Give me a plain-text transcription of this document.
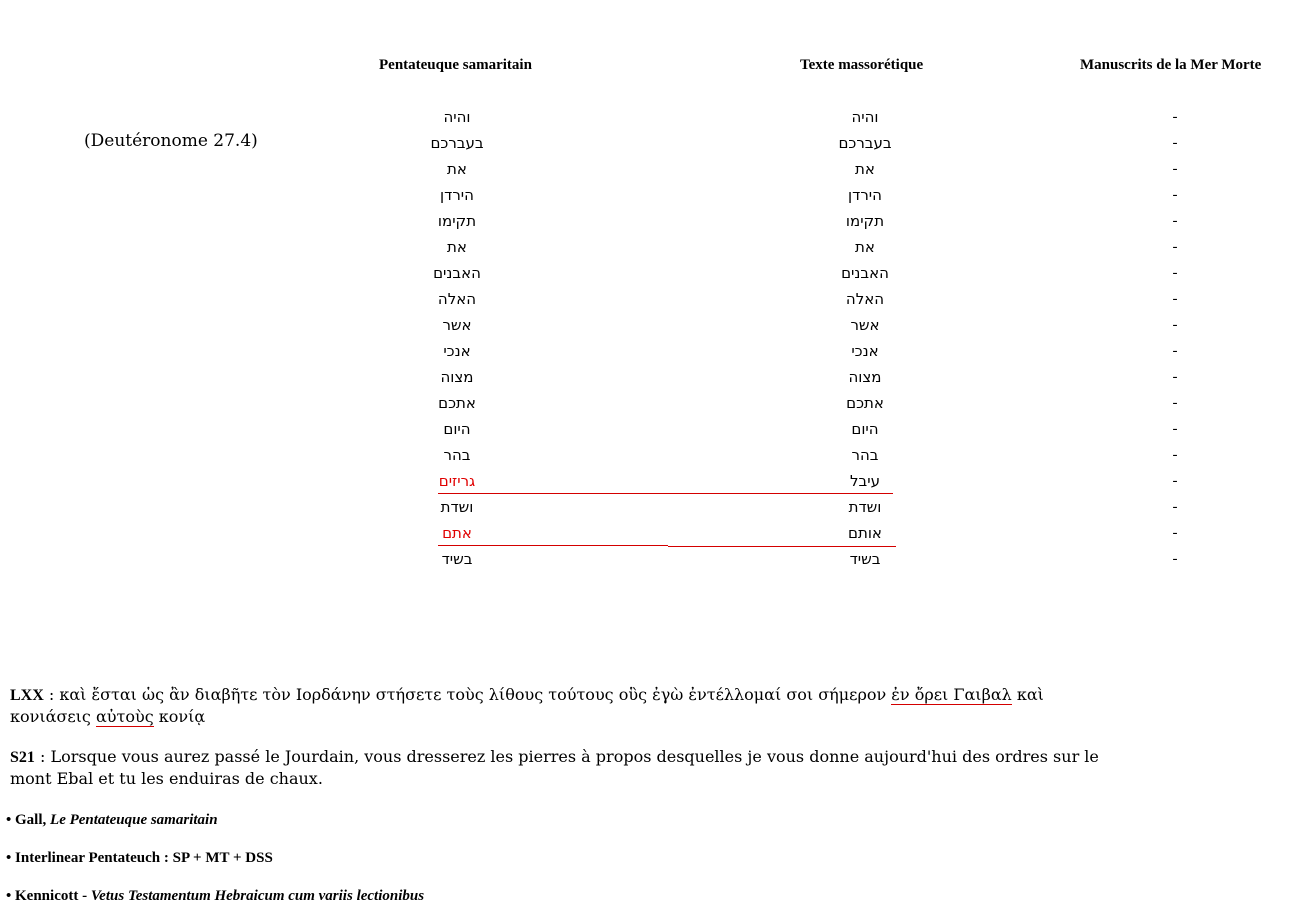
Pentateuque samaritain	Texte massorétique	Manuscrits de la Mer Morte
(Deutéronome 27.4)
והיה
בעברכם
את
הירדן
תקימו
את
האבנים
האלה
אשר
אנכי
מצוה
אתכם
היום
בהר
גריזים
ושדת
אתם
בשיד
והיה
בעברכם
את
הירדן
תקימו
את
האבנים
האלה
אשר
אנכי
מצוה
אתכם
היום
בהר
עיבל
ושדת
אותם
בשיד
-
-
-
-
-
-
-
-
-
-
-
-
-
-
-
-
-
-
LXX : καὶ ἔσται ὡς ἂν διαβῆτε τὸν Ιορδάνην στήσετε τοὺς λίθους τούτους οὓς ἐγὼ ἐντέλλομαί σοι σήμερον ἐν ὄρει Γαιβαλ καὶ κονιάσεις αὐτοὺς κονίᾳ
S21 : Lorsque vous aurez passé le Jourdain, vous dresserez les pierres à propos desquelles je vous donne aujourd'hui des ordres sur le mont Ebal et tu les enduiras de chaux.
• Gall, Le Pentateuque samaritain
• Interlinear Pentateuch : SP + MT + DSS
• Kennicott - Vetus Testamentum Hebraicum cum variis lectionibus
